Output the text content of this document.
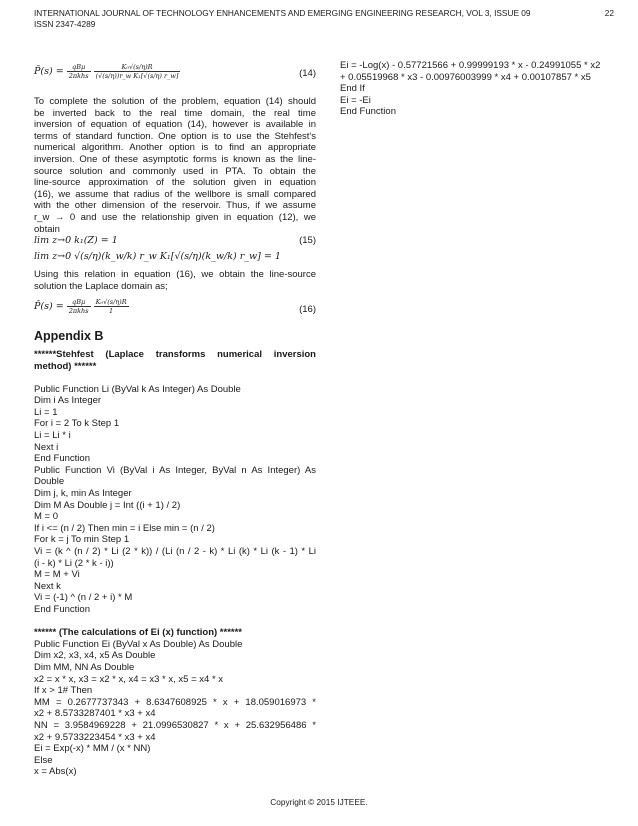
INTERNATIONAL JOURNAL OF TECHNOLOGY ENHANCEMENTS AND EMERGING ENGINEERING RESEARCH, VOL 3, ISSUE 09
ISSN 2347-4289
22
P̄(s) = $\frac{\text{qBμ}}{\text{2πkhs}}$
$\frac{\text{K₀√(s/η)R}}{\text{(√(s/η))r\_w K₁[√(s/η) r\_w]}}$	(14)
To complete the solution of the problem, equation (14) should
be inverted back to the real time domain, the real time
inversion of equation of equation (14), however is available in
terms of standard function. One option is to use the Stehfest's
numerical algorithm. Another option is to find an appropriate
inversion. One of these asymptotic forms is known as the line-
source solution and commonly used in PTA. To obtain the
line-source approximation of the solution given in equation
(16), we assume that radius of the wellbore is small compared
with the other dimension of the reservoir. Thus, if we assume
r_w → 0 and use the relationship given in equation (12), we
obtain
lim z→0 k₁(Z) = 1	(15)
lim z→0 √(s/η)(k_w/k) r_w K₁[√(s/η)(k_w/k) r_w] = 1
Using this relation in equation (16), we obtain the line-source
solution the Laplace domain as;
P̄(s) = $\frac{\text{qBμ}}{\text{2πkhs}}$
$\frac{\text{K₀√(s/η)R}}{1}$	(16)
Appendix B
******Stehfest (Laplace transforms numerical inversion
method) ******
Public Function Li (ByVal k As Integer) As Double
Dim i As Integer
Li = 1
For i = 2 To k Step 1
Li = Li * i
Next i
End Function
Public Function Vi (ByVal i As Integer, ByVal n As Integer) As
Double
Dim j, k, min As Integer
Dim M As Double j = Int ((i + 1) / 2)
M = 0
If i <= (n / 2) Then min = i Else min = (n / 2)
For k = j To min Step 1
Vi = (k ^ (n / 2) * Li (2 * k)) / (Li (n / 2 - k) * Li (k) * Li (k - 1) * Li
(i - k) * Li (2 * k - i))
M = M + Vi
Next k
Vi = (-1) ^ (n / 2 + i) * M
End Function
****** (The calculations of Ei (x) function) ******
Public Function Ei (ByVal x As Double) As Double
Dim x2, x3, x4, x5 As Double
Dim MM, NN As Double
x2 = x * x, x3 = x2 * x, x4 = x3 * x, x5 = x4 * x
If x > 1# Then
MM = 0.2677737343 + 8.6347608925 * x + 18.059016973 *
x2 + 8.5733287401 * x3 + x4
NN = 3.9584969228 + 21.0996530827 * x + 25.632956486 *
x2 + 9.5733223454 * x3 + x4
Ei = Exp(-x) * MM / (x * NN)
Else
x = Abs(x)
Ei = -Log(x) - 0.57721566 + 0.99999193 * x - 0.24991055 * x2
+ 0.05519968 * x3 - 0.00976003999 * x4 + 0.00107857 * x5
End If
Ei = -Ei
End Function
Copyright © 2015 IJTEEE.
